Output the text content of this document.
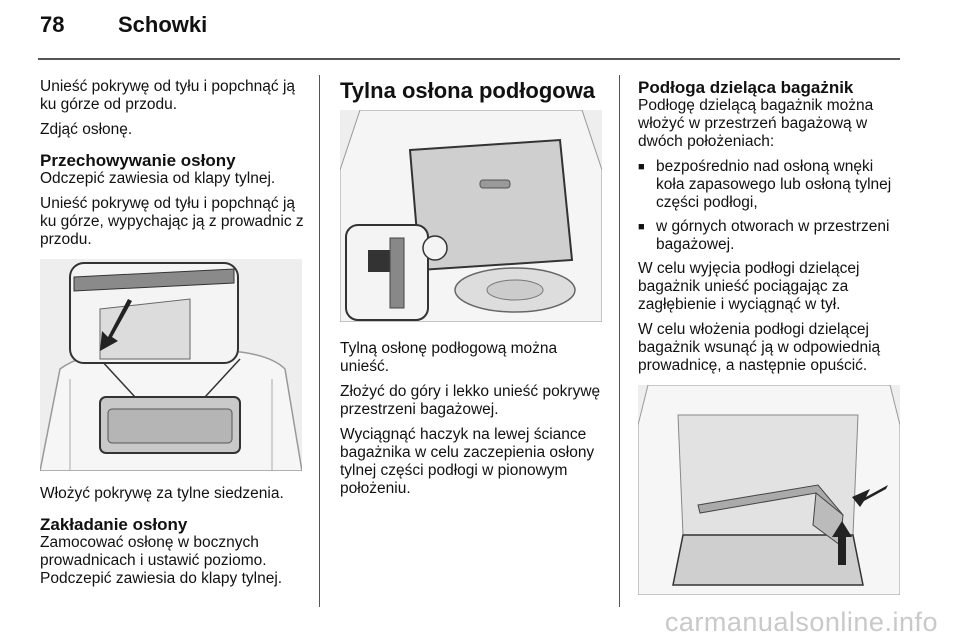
78 Schowki

Unieść pokrywę od tyłu i popchnąć ją ku górze od przodu.

Zdjąć osłonę.

Przechowywanie osłony

Odczepić zawiesia od klapy tylnej.

Unieść pokrywę od tyłu i popchnąć ją ku górze, wypychając ją z prowadnic z przodu.

Włożyć pokrywę za tylne siedzenia.

Zakładanie osłony

Zamocować osłonę w bocznych prowadnicach i ustawić poziomo. Podczepić zawiesia do klapy tylnej.

Tylna osłona podłogowa

Tylną osłonę podłogową można unieść.

Złożyć do góry i lekko unieść pokrywę przestrzeni bagażowej.

Wyciągnąć haczyk na lewej ściance bagażnika w celu zaczepienia osłony tylnej części podłogi w pionowym położeniu.

Podłoga dzieląca bagażnik

Podłogę dzielącą bagażnik można włożyć w przestrzeń bagażową w dwóch położeniach:

■ bezpośrednio nad osłoną wnęki koła zapasowego lub osłoną tylnej części podłogi,
■ w górnych otworach w przestrzeni bagażowej.

W celu wyjęcia podłogi dzielącej bagażnik unieść pociągając za zagłębienie i wyciągnąć w tył.

W celu włożenia podłogi dzielącej bagażnik wsunąć ją w odpowiednią prowadnicę, a następnie opuścić.

carmanualsonline.info
